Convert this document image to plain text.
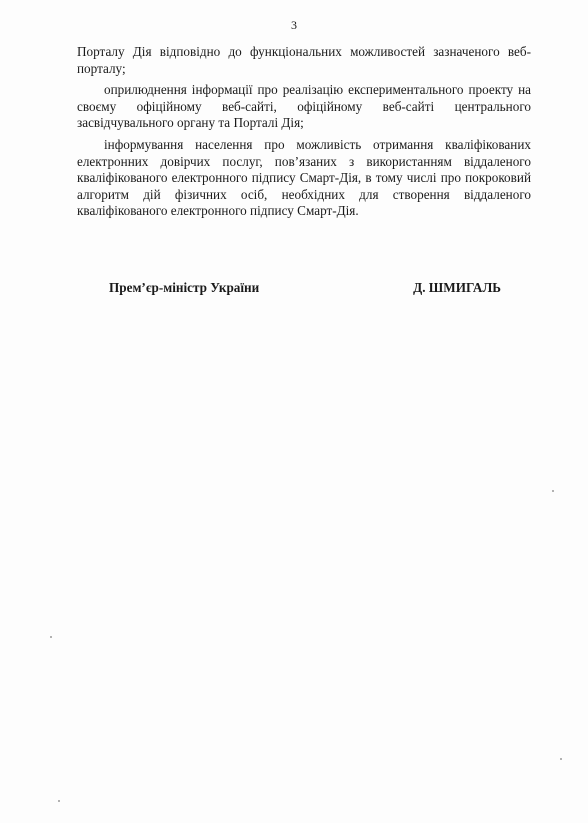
3

Порталу Дія відповідно до функціональних можливостей зазначеного веб-порталу;

оприлюднення інформації про реалізацію експериментального проекту на своєму офіційному веб-сайті, офіційному веб-сайті центрального засвідчувального органу та Порталі Дія;

інформування населення про можливість отримання кваліфікованих електронних довірчих послуг, пов’язаних з використанням віддаленого кваліфікованого електронного підпису Смарт-Дія, в тому числі про покроковий алгоритм дій фізичних осіб, необхідних для створення віддаленого кваліфікованого електронного підпису Смарт-Дія.

Прем’єр-міністр України	Д. ШМИГАЛЬ
